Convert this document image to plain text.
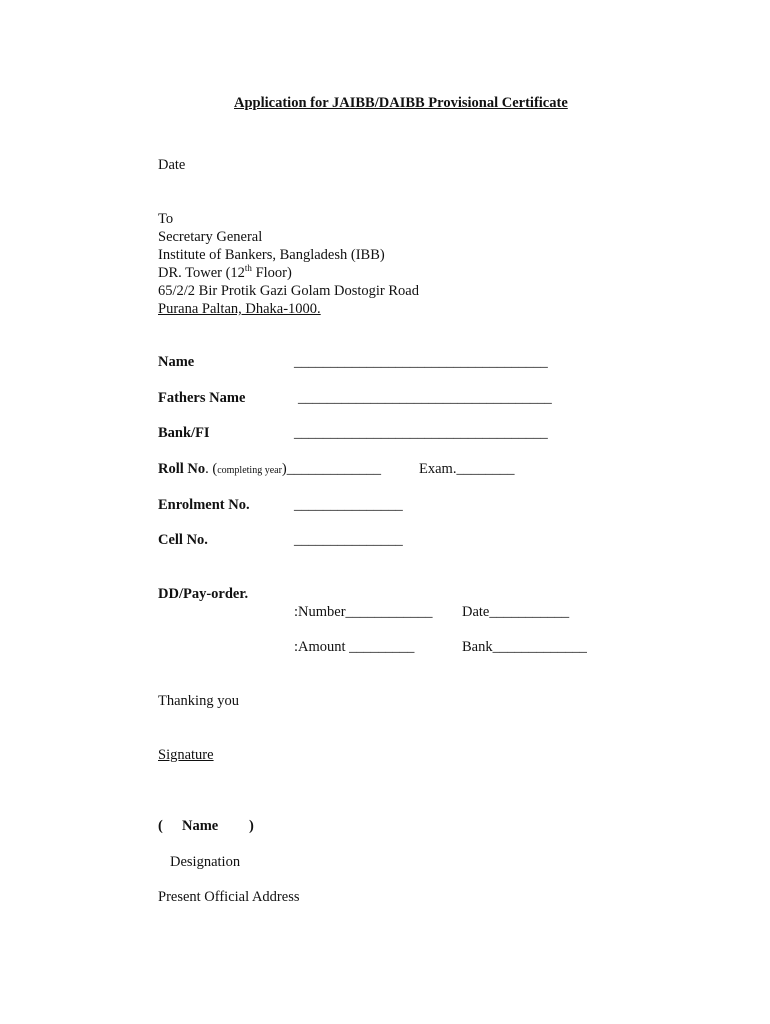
Application for JAIBB/DAIBB Provisional Certificate
Date
To
Secretary General
Institute of Bankers, Bangladesh (IBB)
DR. Tower (12th Floor)
65/2/2 Bir Protik Gazi Golam Dostogir Road
Purana Paltan, Dhaka-1000.
Name	___________________________________
Fathers Name	___________________________________
Bank/FI	___________________________________
Roll No. (completing year)_____________	Exam.________
Enrolment No.	_______________
Cell No.	_______________
DD/Pay-order.
:Number____________ Date___________
:Amount _________	Bank_____________
Thanking you
Signature
( Name )
Designation
Present Official Address
